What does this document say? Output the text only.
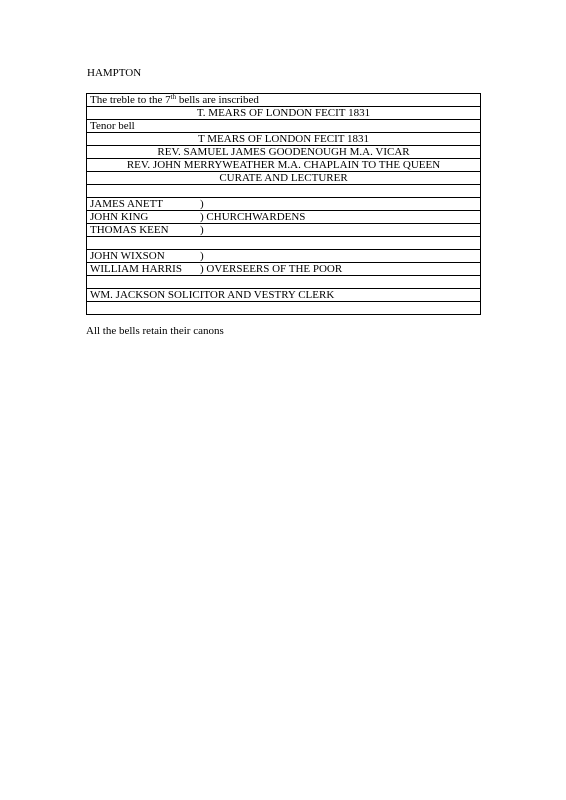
HAMPTON
The treble to the 7th bells are inscribed
T. MEARS OF LONDON FECIT 1831
Tenor bell
T MEARS OF LONDON FECIT 1831
REV. SAMUEL JAMES GOODENOUGH M.A. VICAR
REV. JOHN MERRYWEATHER M.A. CHAPLAIN TO THE QUEEN
CURATE AND LECTURER

JAMES ANETT	)
JOHN KING	) CHURCHWARDENS
THOMAS KEEN	)

JOHN WIXSON	)
WILLIAM HARRIS ) OVERSEERS OF THE POOR

WM. JACKSON SOLICITOR AND VESTRY CLERK

All the bells retain their canons
